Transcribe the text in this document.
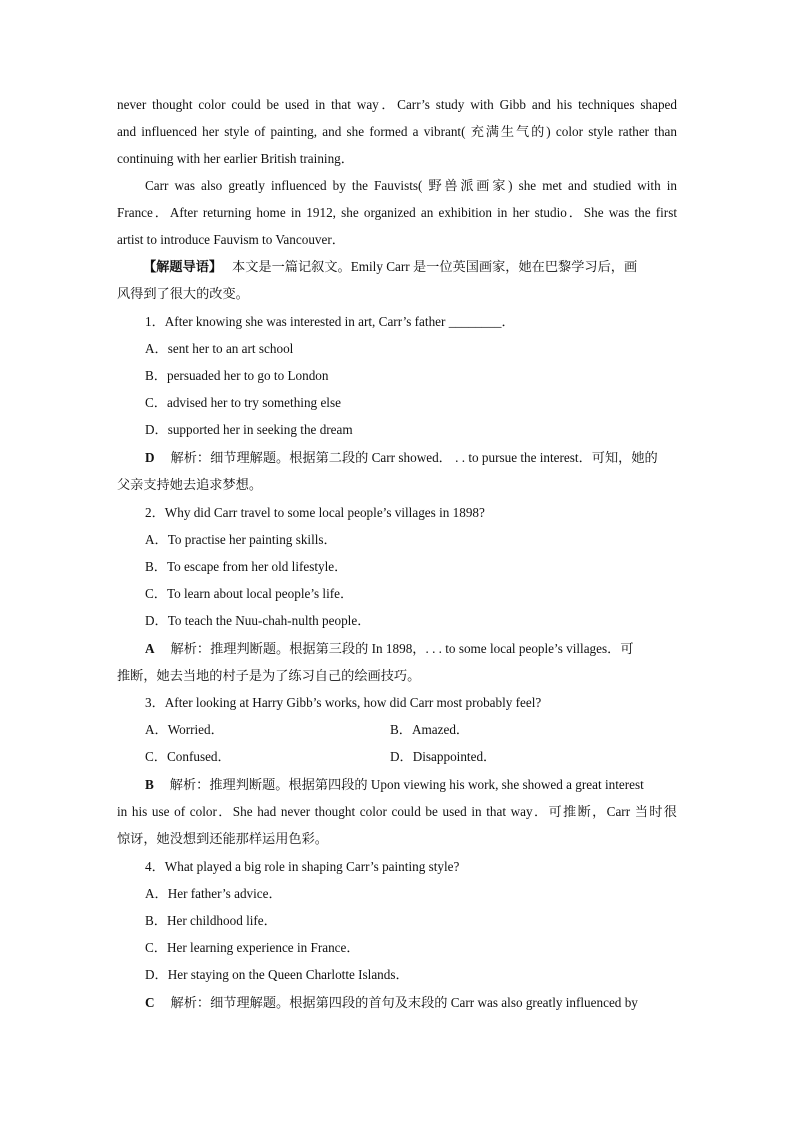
never thought color could be used in that way．Carr’s study with Gibb and his techniques shaped
and influenced her style of painting, and she formed a vibrant( 充满生气的) color style rather than
continuing with her earlier British training．
Carr was also greatly influenced by the Fauvists( 野兽派画家) she met and studied with in
France．After returning home in 1912, she organized an exhibition in her studio．She was the first
artist to introduce Fauvism to Vancouver．
【解题导语】 本文是一篇记叙文。Emily Carr 是一位英国画家，她在巴黎学习后，画
风得到了很大的改变。
1．After knowing she was interested in art, Carr’s father ________．
A．sent her to an art school
B．persuaded her to go to London
C．advised her to try something else
D．supported her in seeking the dream
D 解析：细节理解题。根据第二段的 Carr showed． . . to pursue the interest．可知，她的
父亲支持她去追求梦想。
2．Why did Carr travel to some local people’s villages in 1898?
A．To practise her painting skills．
B．To escape from her old lifestyle．
C．To learn about local people’s life．
D．To teach the Nuu-chah-nulth people．
A 解析：推理判断题。根据第三段的 In 1898，. . . to some local people’s villages．可
推断，她去当地的村子是为了练习自己的绘画技巧。
3．After looking at Harry Gibb’s works, how did Carr most probably feel?
A．Worried．	B．Amazed．
C．Confused．	D．Disappointed．
B 解析：推理判断题。根据第四段的 Upon viewing his work, she showed a great interest
in his use of color．She had never thought color could be used in that way．可推断，Carr 当时很
惊讶，她没想到还能那样运用色彩。
4．What played a big role in shaping Carr’s painting style?
A．Her father’s advice．
B．Her childhood life．
C．Her learning experience in France．
D．Her staying on the Queen Charlotte Islands．
C 解析：细节理解题。根据第四段的首句及末段的 Carr was also greatly influenced by
